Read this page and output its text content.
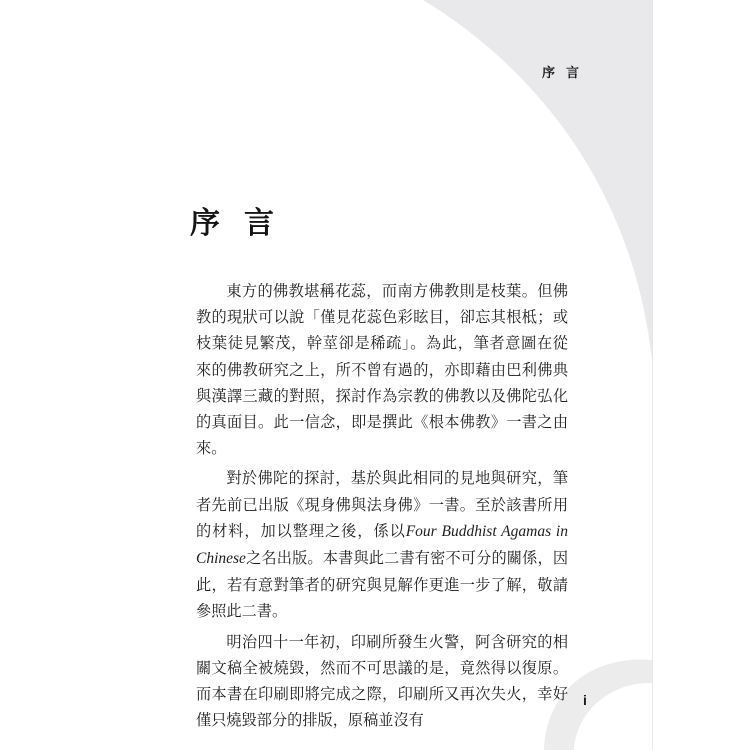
序言
序言

東方的佛教堪稱花蕊，而南方佛教則是枝葉。但佛教的現狀可以說「僅見花蕊色彩眩目，卻忘其根柢；或枝葉徒見繁茂，幹莖卻是稀疏」。為此，筆者意圖在從來的佛教研究之上，所不曾有過的，亦即藉由巴利佛典與漢譯三藏的對照，探討作為宗教的佛教以及佛陀弘化的真面目。此一信念，即是撰此《根本佛教》一書之由來。

對於佛陀的探討，基於與此相同的見地與研究，筆者先前已出版《現身佛與法身佛》一書。至於該書所用的材料，加以整理之後，係以Four Buddhist Agamas in Chinese之名出版。本書與此二書有密不可分的關係，因此，若有意對筆者的研究與見解作更進一步了解，敬請參照此二書。

明治四十一年初，印刷所發生火警，阿含研究的相關文稿全被燒毀，然而不可思議的是，竟然得以復原。而本書在印刷即將完成之際，印刷所又再次失火，幸好僅只燒毀部分的排版，原稿並沒有

i
